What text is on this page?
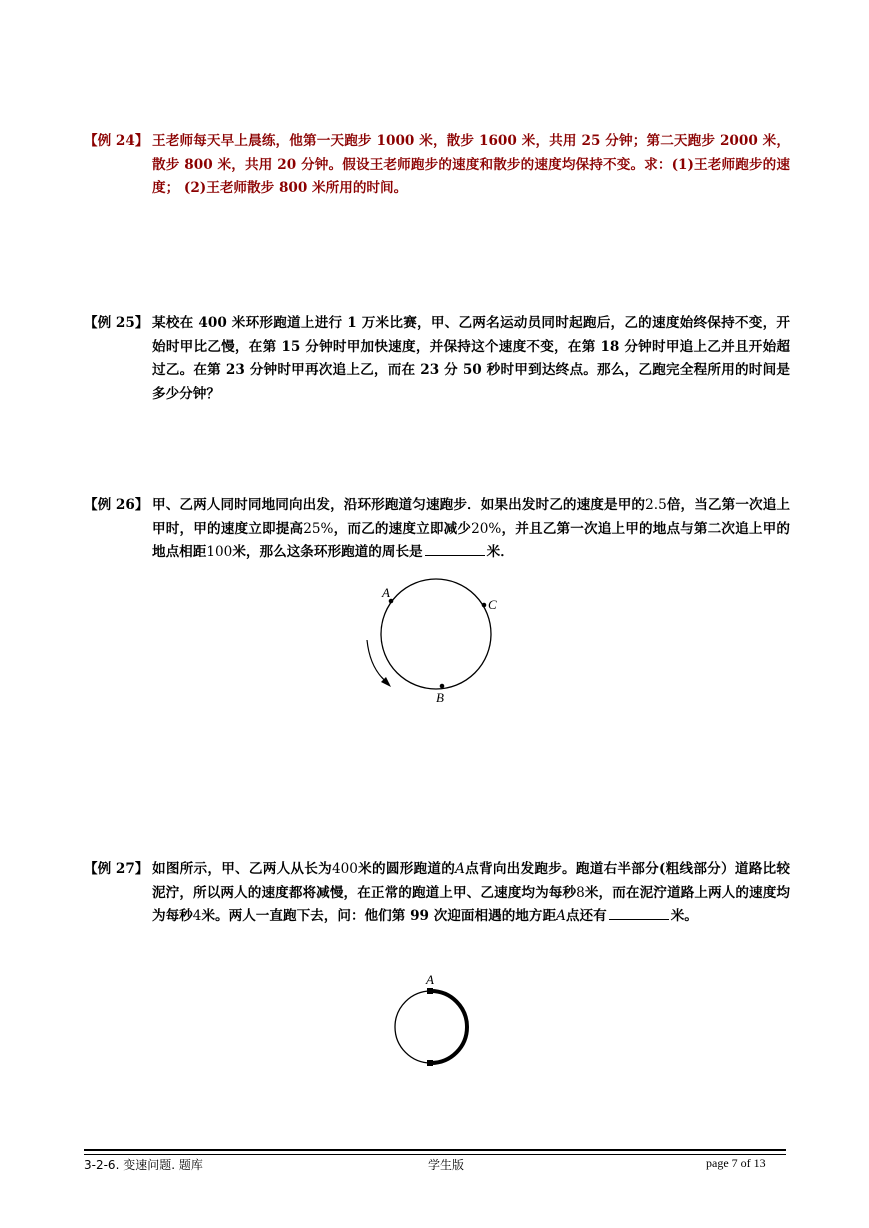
【例 24】 王老师每天早上晨练，他第一天跑步 1000 米，散步 1600 米，共用 25 分钟；第二天跑步 2000 米，散步 800 米，共用 20 分钟。假设王老师跑步的速度和散步的速度均保持不变。求：(1)王老师跑步的速度； (2)王老师散步 800 米所用的时间。
【例 25】 某校在 400 米环形跑道上进行 1 万米比赛，甲、乙两名运动员同时起跑后，乙的速度始终保持不变，开始时甲比乙慢，在第 15 分钟时甲加快速度，并保持这个速度不变，在第 18 分钟时甲追上乙并且开始超过乙。在第 23 分钟时甲再次追上乙，而在 23 分 50 秒时甲到达终点。那么，乙跑完全程所用的时间是多少分钟？
【例 26】 甲、乙两人同时同地同向出发，沿环形跑道匀速跑步．如果出发时乙的速度是甲的2.5倍，当乙第一次追上甲时，甲的速度立即提高25%，而乙的速度立即减少20%，并且乙第一次追上甲的地点与第二次追上甲的地点相距100米，那么这条环形跑道的周长是	米．
A
C
B
【例 27】 如图所示，甲、乙两人从长为400米的圆形跑道的A点背向出发跑步。跑道右半部分(粗线部分）道路比较泥泞，所以两人的速度都将减慢，在正常的跑道上甲、乙速度均为每秒8米，而在泥泞道路上两人的速度均为每秒4米。两人一直跑下去，问：他们第 99 次迎面相遇的地方距A点还有	米。
A
3-2-6. 变速问题. 题库	学生版	page 7 of 13
